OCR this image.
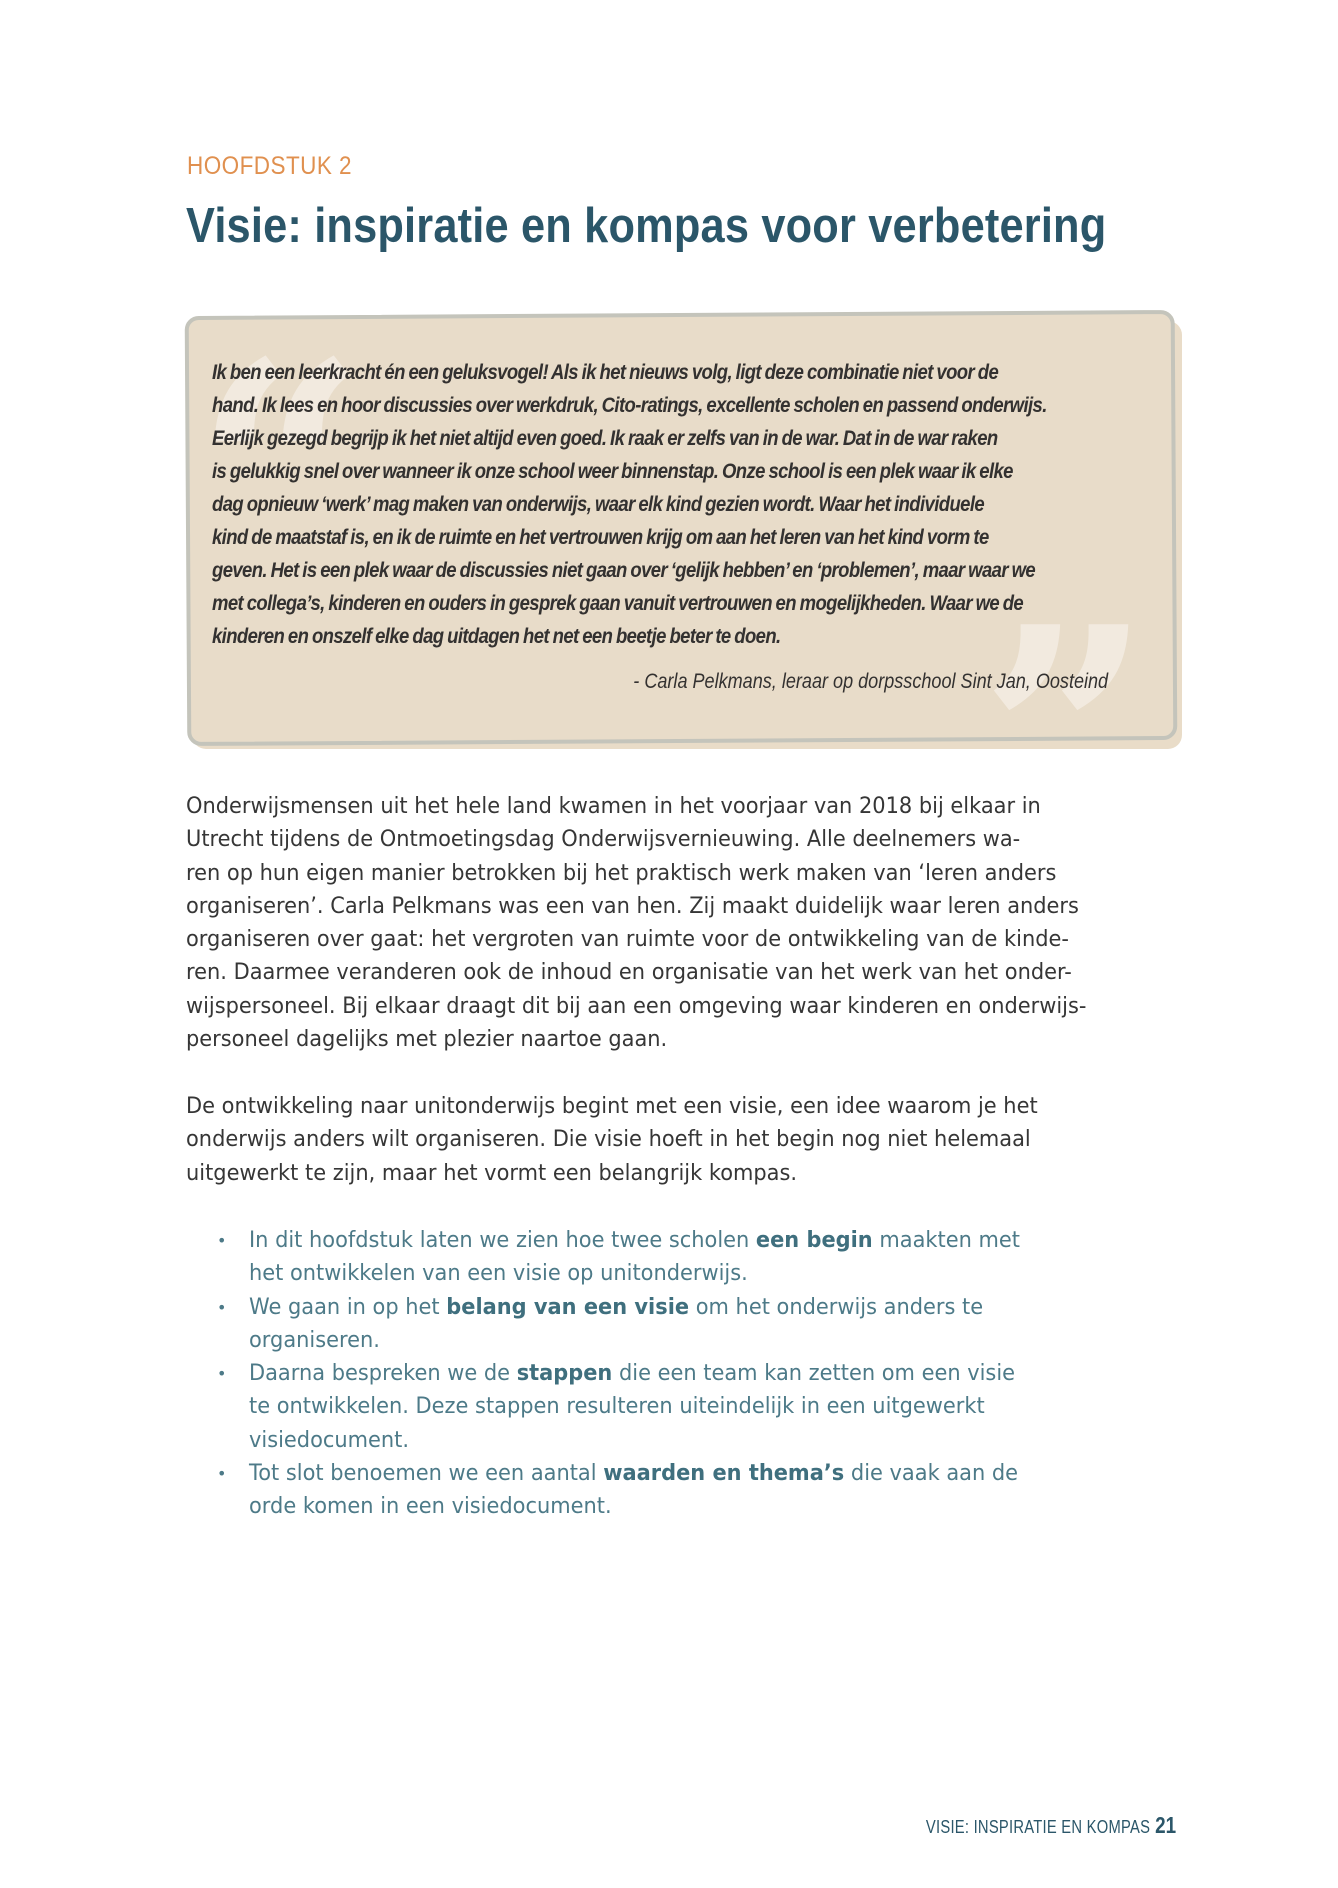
HOOFDSTUK 2
Visie: inspiratie en kompas voor verbetering
“
”

Ik ben een leerkracht én een geluksvogel! Als ik het nieuws volg, ligt deze combinatie niet voor de
hand. Ik lees en hoor discussies over werkdruk, Cito-ratings, excellente scholen en passend onderwijs.
Eerlijk gezegd begrijp ik het niet altijd even goed. Ik raak er zelfs van in de war. Dat in de war raken
is gelukkig snel over wanneer ik onze school weer binnenstap. Onze school is een plek waar ik elke
dag opnieuw ‘werk’ mag maken van onderwijs, waar elk kind gezien wordt. Waar het individuele
kind de maatstaf is, en ik de ruimte en het vertrouwen krijg om aan het leren van het kind vorm te
geven. Het is een plek waar de discussies niet gaan over ‘gelijk hebben’ en ‘problemen’, maar waar we
met collega’s, kinderen en ouders in gesprek gaan vanuit vertrouwen en mogelijkheden. Waar we de
kinderen en onszelf elke dag uitdagen het net een beetje beter te doen.

- Carla Pelkmans, leraar op dorpsschool Sint Jan, Oosteind

Onderwijsmensen uit het hele land kwamen in het voorjaar van 2018 bij elkaar in
Utrecht tijdens de Ontmoetingsdag Onderwijsvernieuwing. Alle deelnemers wa-
ren op hun eigen manier betrokken bij het praktisch werk maken van ‘leren anders
organiseren’. Carla Pelkmans was een van hen. Zij maakt duidelijk waar leren anders
organiseren over gaat: het vergroten van ruimte voor de ontwikkeling van de kinde-
ren. Daarmee veranderen ook de inhoud en organisatie van het werk van het onder-
wijspersoneel. Bij elkaar draagt dit bij aan een omgeving waar kinderen en onderwijs-
personeel dagelijks met plezier naartoe gaan.

De ontwikkeling naar unitonderwijs begint met een visie, een idee waarom je het
onderwijs anders wilt organiseren. Die visie hoeft in het begin nog niet helemaal
uitgewerkt te zijn, maar het vormt een belangrijk kompas.

• In dit hoofdstuk laten we zien hoe twee scholen een begin maakten met
het ontwikkelen van een visie op unitonderwijs.
• We gaan in op het belang van een visie om het onderwijs anders te
organiseren.
• Daarna bespreken we de stappen die een team kan zetten om een visie
te ontwikkelen. Deze stappen resulteren uiteindelijk in een uitgewerkt
visiedocument.
• Tot slot benoemen we een aantal waarden en thema’s die vaak aan de
orde komen in een visiedocument.
VISIE: INSPIRATIE EN KOMPAS 21
